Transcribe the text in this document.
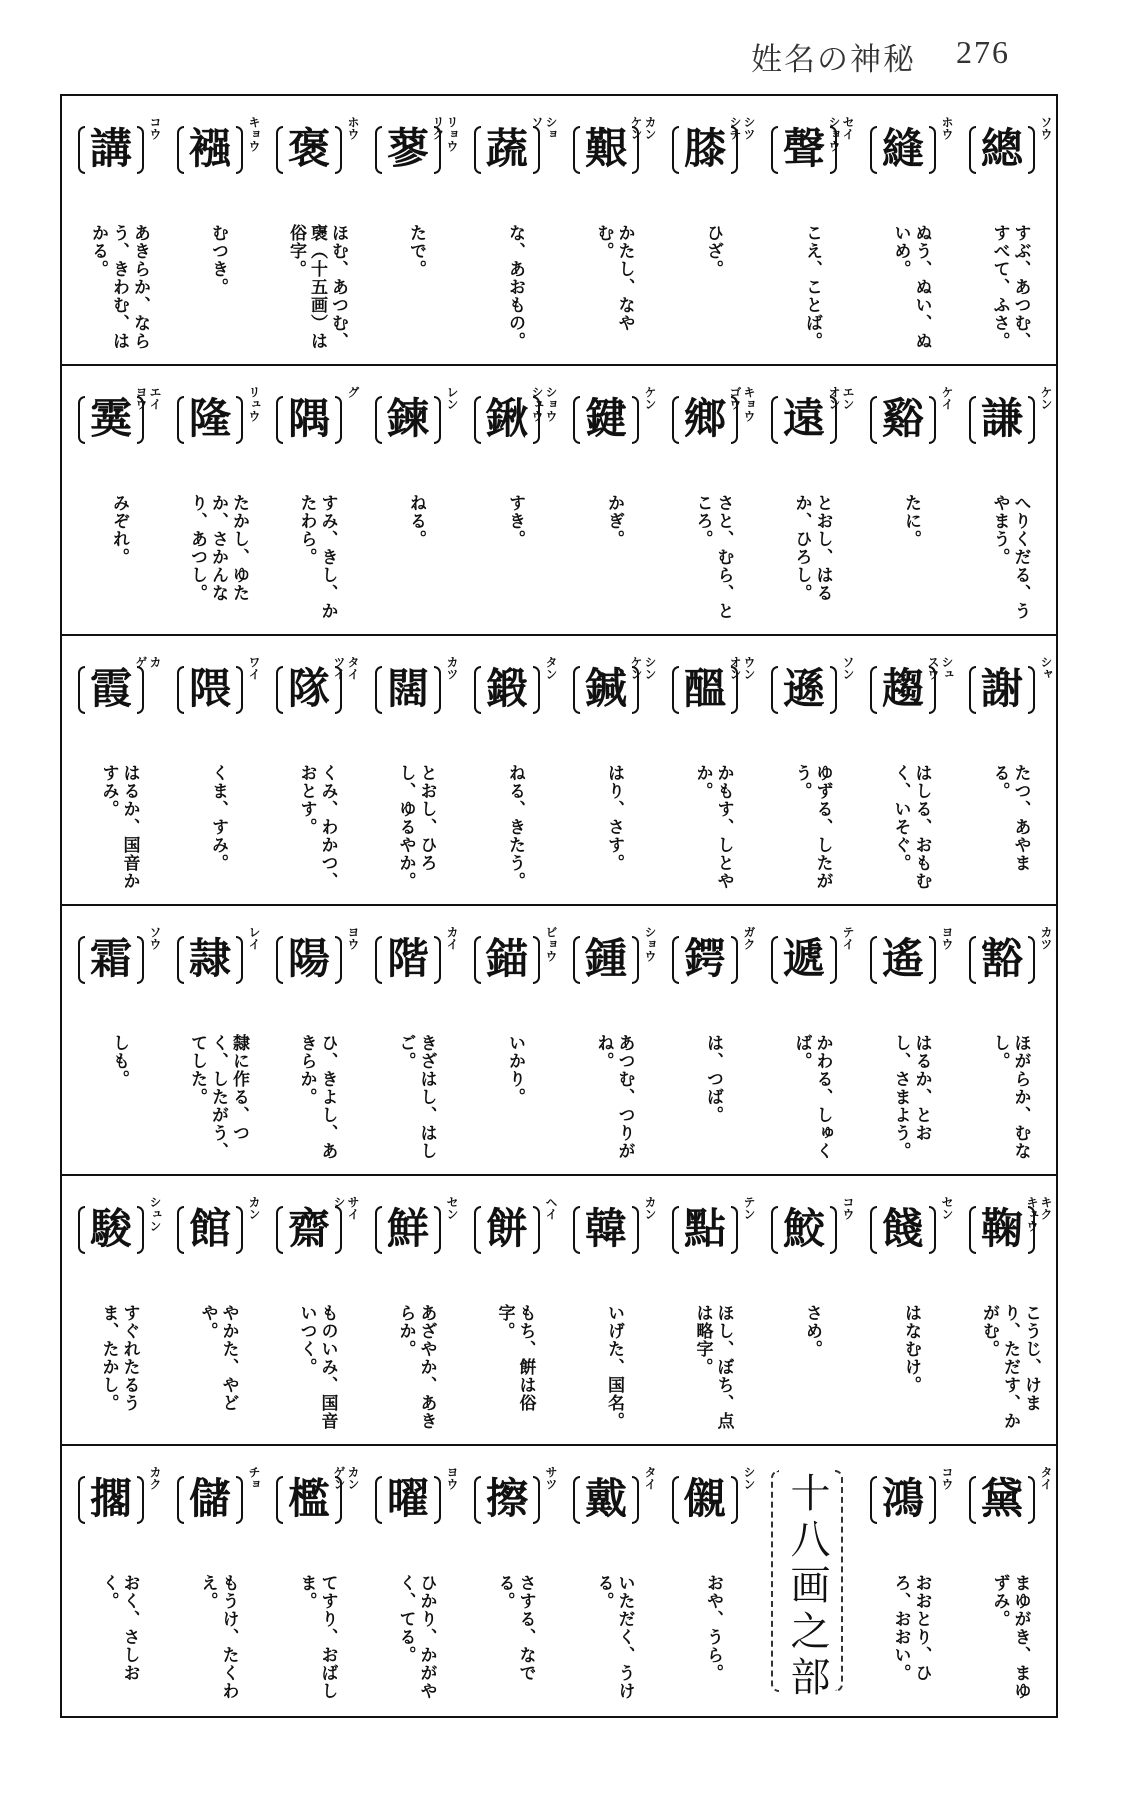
姓名の神秘 276
總	ソウ
すぶ、あつむ、すべて、ふさ。
縫	ホウ
ぬう、ぬい、ぬいめ。
聲	セイ
ショウ
こえ、ことば。
膝	シツ
シチ
ひざ。
艱	カン
ケン
かたし、なやむ。
蔬	ショ
ソ
な、あおもの。
蓼	リョウ
リク
たで。
褒	ホウ
ほむ、あつむ、襃（十五画）は俗字。
襁	キョウ
むつき。
講	コウ
あきらか、ならう、きわむ、はかる。
謙	ケン
へりくだる、うやまう。
谿	ケイ
たに。
遠	エン
オン
とおし、はるか、ひろし。
鄉	キョウ
ゴウ
さと、むら、ところ。
鍵	ケン
かぎ。
鍬	ショウ
シュウ
すき。
鍊	レン
ねる。
隅
グ
すみ、きし、かたわら。
隆	リュウ
たかし、ゆたか、さかんなり、あつし。
霙	エイ
ヨウ
みぞれ。
謝	シャ
たつ、あやまる。
趨	シュ
スウ
はしる、おもむく、いそぐ。
遜	ソン
ゆずる、したがう。
醞	ウン
オン
かもす、しとやか。
鍼	シン
ケン
はり、さす。
鍛	タン
ねる、きたう。
闊	カツ
とおし、ひろし、ゆるやか。
隊	タイ
ツイ
くみ、わかつ、おとす。
隈	ワイ
くま、すみ。
霞
カ
ゲ
はるか、国音かすみ。
豁	カツ
ほがらか、むなし。
遙	ヨウ
はるか、とおし、さまよう。
遞	テイ
かわる、しゅくば。
鍔	ガク
は、つば。
鍾	ショウ
あつむ、つりがね。
錨	ビョウ
いかり。
階	カイ
きざはし、はしご。
陽	ヨウ
ひ、きよし、あきらか。
隷	レイ
隸に作る、つく、したがう、てした。
霜	ソウ
しも。
鞠	キク
キュウ
こうじ、けまり、ただす、かがむ。
餞	セン
はなむけ。
鮫	コウ
さめ。
點	テン
ほし、ぼち、点は略字。
韓	カン
いげた、国名。
餅	ヘイ
もち、餠は俗字。
鮮	セン
あざやか、あきらか。
齋	サイ
シ
ものいみ、国音いつく。
館	カン
やかた、やどや。
駿	シュン
すぐれたるうま、たかし。
黛	タイ
まゆがき、まゆずみ。
鴻	コウ
おおとり、ひろ、おおい。
十八画之部
儭	シン
おや、うら。
戴	タイ
いただく、うける。
擦	サツ
さする、なでる。
曜	ヨウ
ひかり、かがやく、てる。
檻	カン
ゲン
てすり、おばしま。
儲	チョ
もうけ、たくわえ。
擱	カク
おく、さしおく。
